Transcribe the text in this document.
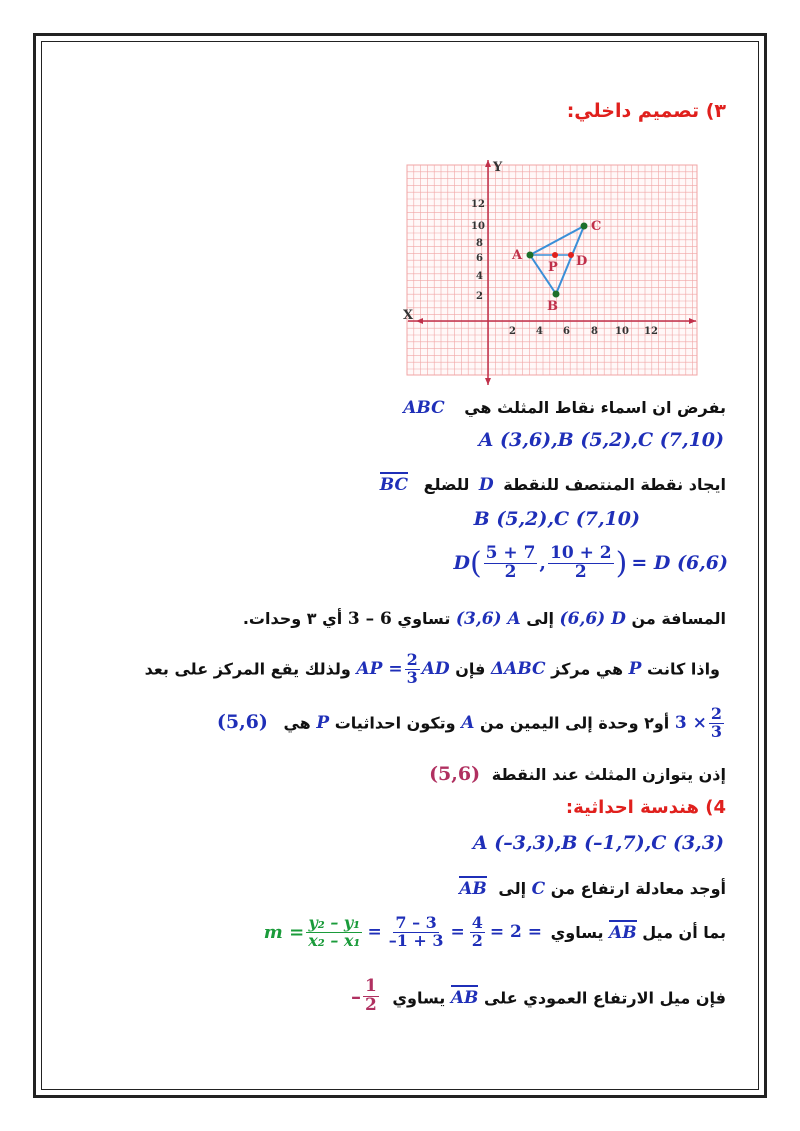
٣) تصميم داخلي:
Y
X
12
10
8
6
4
2
2 4 6 8 10 12
A
B
C
P D
بفرض ان اسماء نقاط المثلث هي ABC
A (3,6),B (5,2),C (7,10)
ايجاد نقطة المنتصف للنقطة D للضلع BC
B (5,2),C (7,10)
D ( $\frac{5 + 7}{2}$ , $\frac{10 + 2}{2}$ ) = D (6,6)
المسافة من (6,6) D إلى (3,6) A تساوي 3 – 6 أي ٣ وحدات.
واذا كانت P هي مركز ΔABC فإن
AP = $\frac{2}{3}$ AD
ولذلك يقع المركز على بعد
$\frac{2}{3}$
3 ×
أو٢ وحدة إلى اليمين من A وتكون احداثيات P هي (5,6)
إذن يتوازن المثلث عند النقطة (5,6)
4) هندسة احداثية:
A (–3,3),B (–1,7),C (3,3)
أوجد معادلة ارتفاع من C إلى AB
بما أن ميل AB يساوي
$m = \frac{\text{y₂ – y₁}}{\text{x₂ – x₁}} = \frac{7 - 3}{-1 + 3} = \frac{4}{2} = 2$ =
فإن ميل الارتفاع العمودي على AB يساوي
– $\frac{1}{2}$
